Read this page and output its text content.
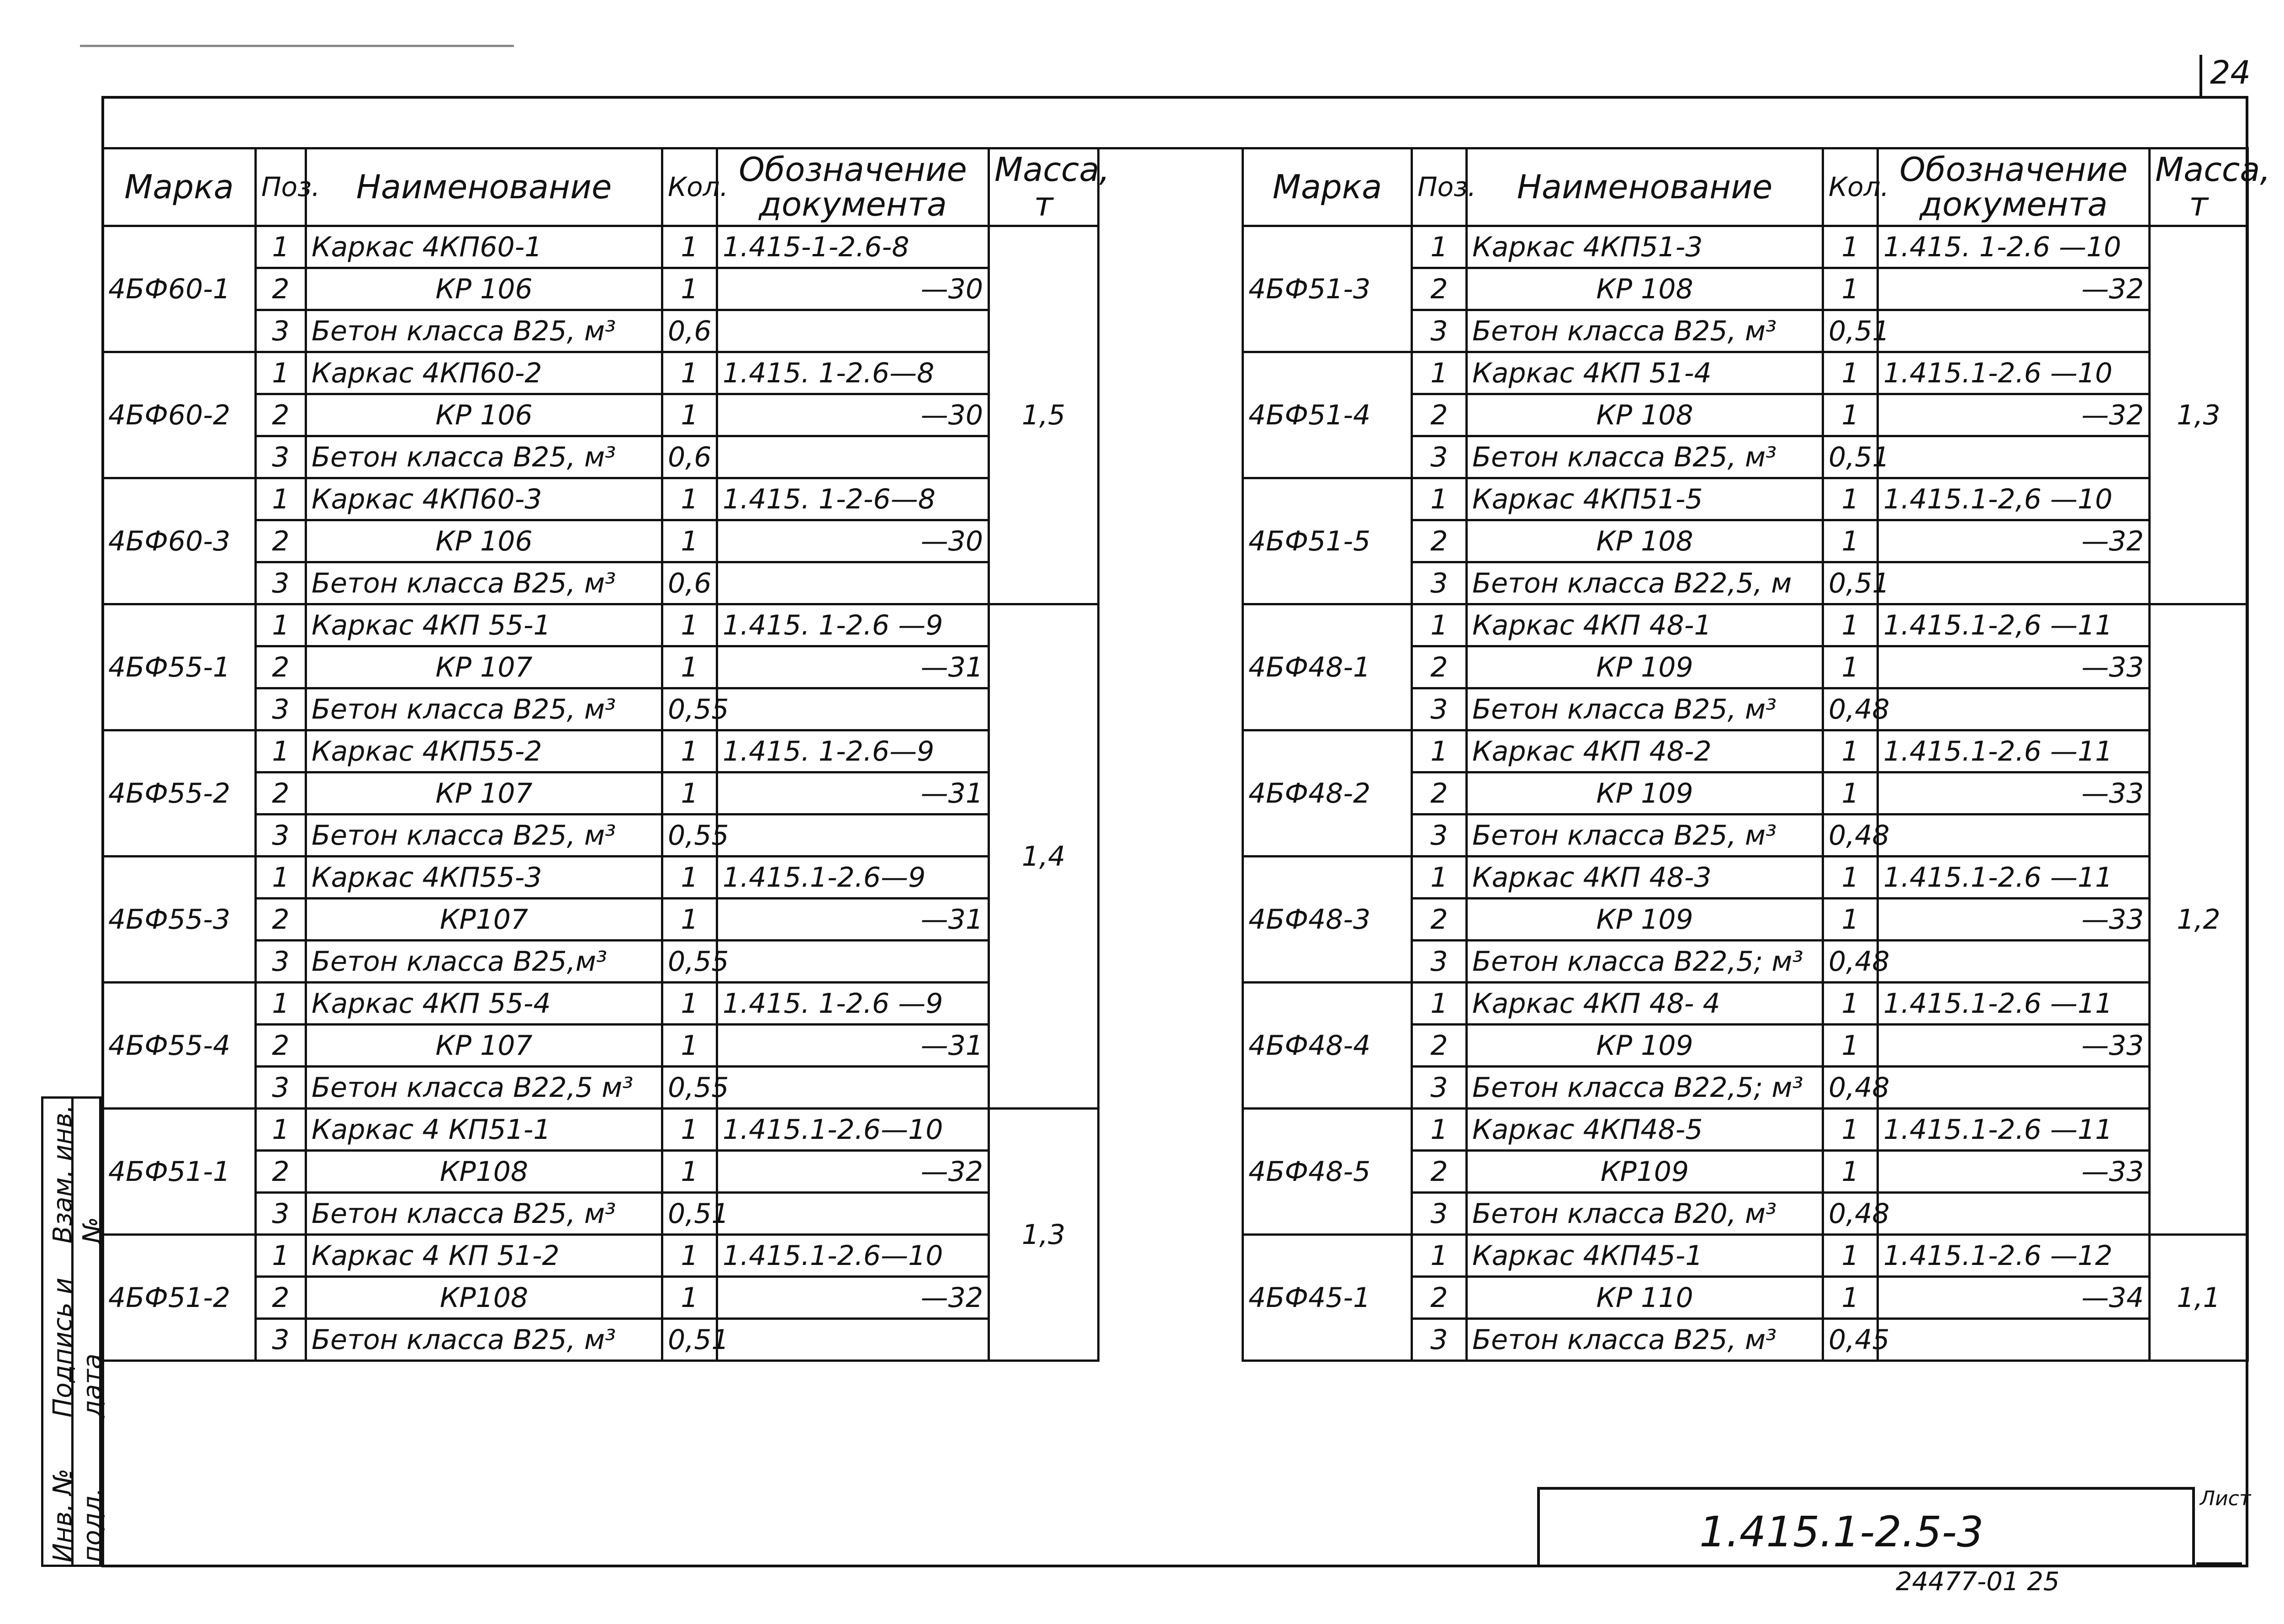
24
Марка	Поз.	Наименование	Кол.	Обозначение документа	Масса, т
4БФ60-1	1	Каркас 4КП60-1	1	1.415-1-2.6-8	1,5
	2	КР 106	1	—30	
	3	Бетон класса В25, м³	0,6		
4БФ60-2	1	Каркас 4КП60-2	1	1.415. 1-2.6—8	
	2	КР 106	1	—30	
	3	Бетон класса В25, м³	0,6		
4БФ60-3	1	Каркас 4КП60-3	1	1.415. 1-2-6—8	
	2	КР 106	1	—30	
	3	Бетон класса В25, м³	0,6		
4БФ55-1	1	Каркас 4КП 55-1	1	1.415. 1-2.6 —9	1,4
	2	КР 107	1	—31	
	3	Бетон класса В25, м³	0,55		
4БФ55-2	1	Каркас 4КП55-2	1	1.415. 1-2.6—9	
	2	КР 107	1	—31	
	3	Бетон класса В25, м³	0,55		
4БФ55-3	1	Каркас 4КП55-3	1	1.415.1-2.6—9	
	2	КР107	1	—31	
	3	Бетон класса В25,м³	0,55		
4БФ55-4	1	Каркас 4КП 55-4	1	1.415. 1-2.6 —9	
	2	КР 107	1	—31	
	3	Бетон класса В22,5 м³	0,55		
4БФ51-1	1	Каркас 4 КП51-1	1	1.415.1-2.6—10	1,3
	2	КР108	1	—32	
	3	Бетон класса В25, м³	0,51		
4БФ51-2	1	Каркас 4 КП 51-2	1	1.415.1-2.6—10	
	2	КР108	1	—32	
	3	Бетон класса В25, м³	0,51		
Марка	Поз.	Наименование	Кол.	Обозначение документа	Масса, т
4БФ51-3	1	Каркас 4КП51-3	1	1.415. 1-2.6 —10	1,3
	2	КР 108	1	—32	
	3	Бетон класса В25, м³	0,51		
4БФ51-4	1	Каркас 4КП 51-4	1	1.415.1-2.6 —10	
	2	КР 108	1	—32	
	3	Бетон класса В25, м³	0,51		
4БФ51-5	1	Каркас 4КП51-5	1	1.415.1-2,6 —10	
	2	КР 108	1	—32	
	3	Бетон класса В22,5, м	0,51		
4БФ48-1	1	Каркас 4КП 48-1	1	1.415.1-2,6 —11	1,2
	2	КР 109	1	—33	
	3	Бетон класса В25, м³	0,48		
4БФ48-2	1	Каркас 4КП 48-2	1	1.415.1-2.6 —11	
	2	КР 109	1	—33	
	3	Бетон класса В25, м³	0,48		
4БФ48-3	1	Каркас 4КП 48-3	1	1.415.1-2.6 —11	
	2	КР 109	1	—33	
	3	Бетон класса В22,5; м³	0,48		
4БФ48-4	1	Каркас 4КП 48- 4	1	1.415.1-2.6 —11	
	2	КР 109	1	—33	
	3	Бетон класса В22,5; м³	0,48		
4БФ48-5	1	Каркас 4КП48-5	1	1.415.1-2.6 —11	
	2	КР109	1	—33	
	3	Бетон класса В20, м³	0,48		
4БФ45-1	1	Каркас 4КП45-1	1	1.415.1-2.6 —12	1,1
	2	КР 110	1	—34	
	3	Бетон класса В25, м³	0,45		
Инв. № подл.
Подпись и дата
Взам. инв. №
1.415.1-2.5-3
Лист
24477-01 25
